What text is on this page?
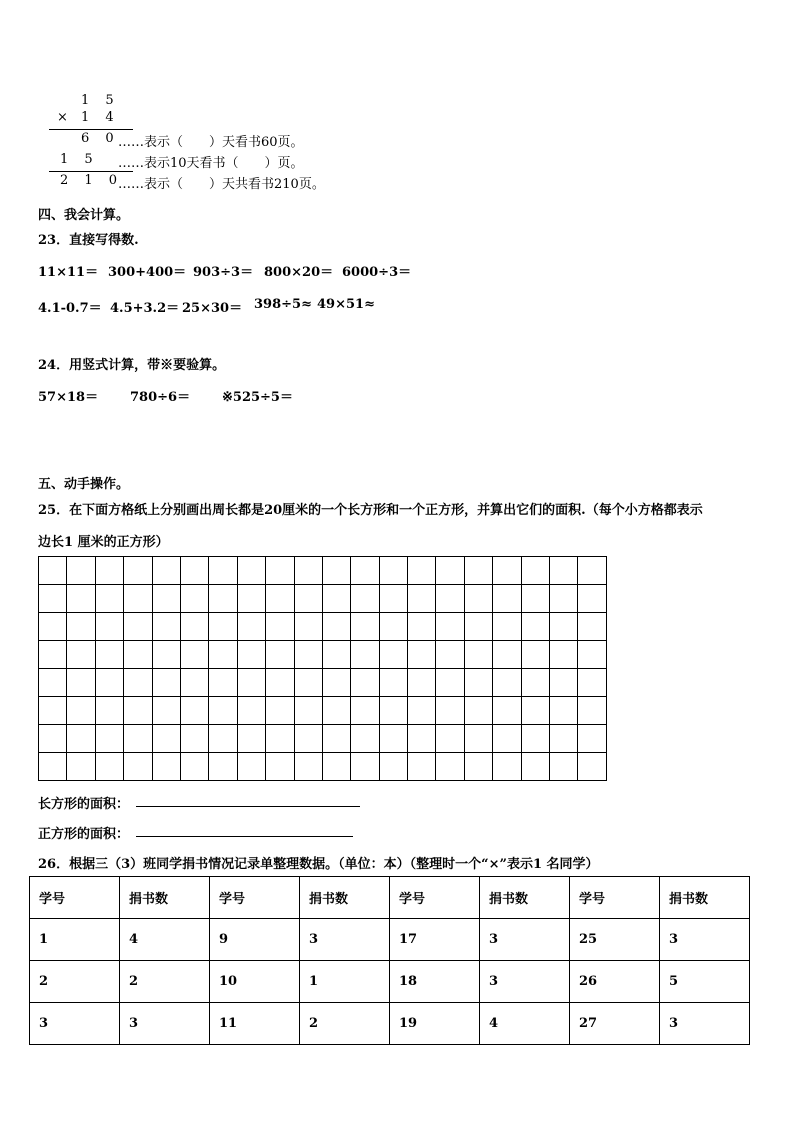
1 5
× 1 4
6 0
……表示（　　）天看书60页。
1 5 ……表示10天看书（　　）页。
2 1 0
……表示（　　）天共看书210页。
四、我会计算。
23．直接写得数.
11×11＝ 300+400＝ 903÷3＝ 800×20＝ 6000÷3＝
4.1-0.7＝ 4.5+3.2＝ 25×30＝ 398÷5≈ 49×51≈
24．用竖式计算，带※要验算。
57×18＝ 780÷6＝ ※525÷5＝
五、动手操作。
25．在下面方格纸上分别画出周长都是20厘米的一个长方形和一个正方形，并算出它们的面积.（每个小方格都表示
边长1 厘米的正方形）

长方形的面积：
正方形的面积：
26．根据三（3）班同学捐书情况记录单整理数据。（单位：本）（整理时一个“×”表示1 名同学）
学号	捐书数	学号	捐书数	学号	捐书数	学号	捐书数
1	4	9	3	17	3	25	3
2	2	10	1	18	3	26	5
3	3	11	2	19	4	27	3
